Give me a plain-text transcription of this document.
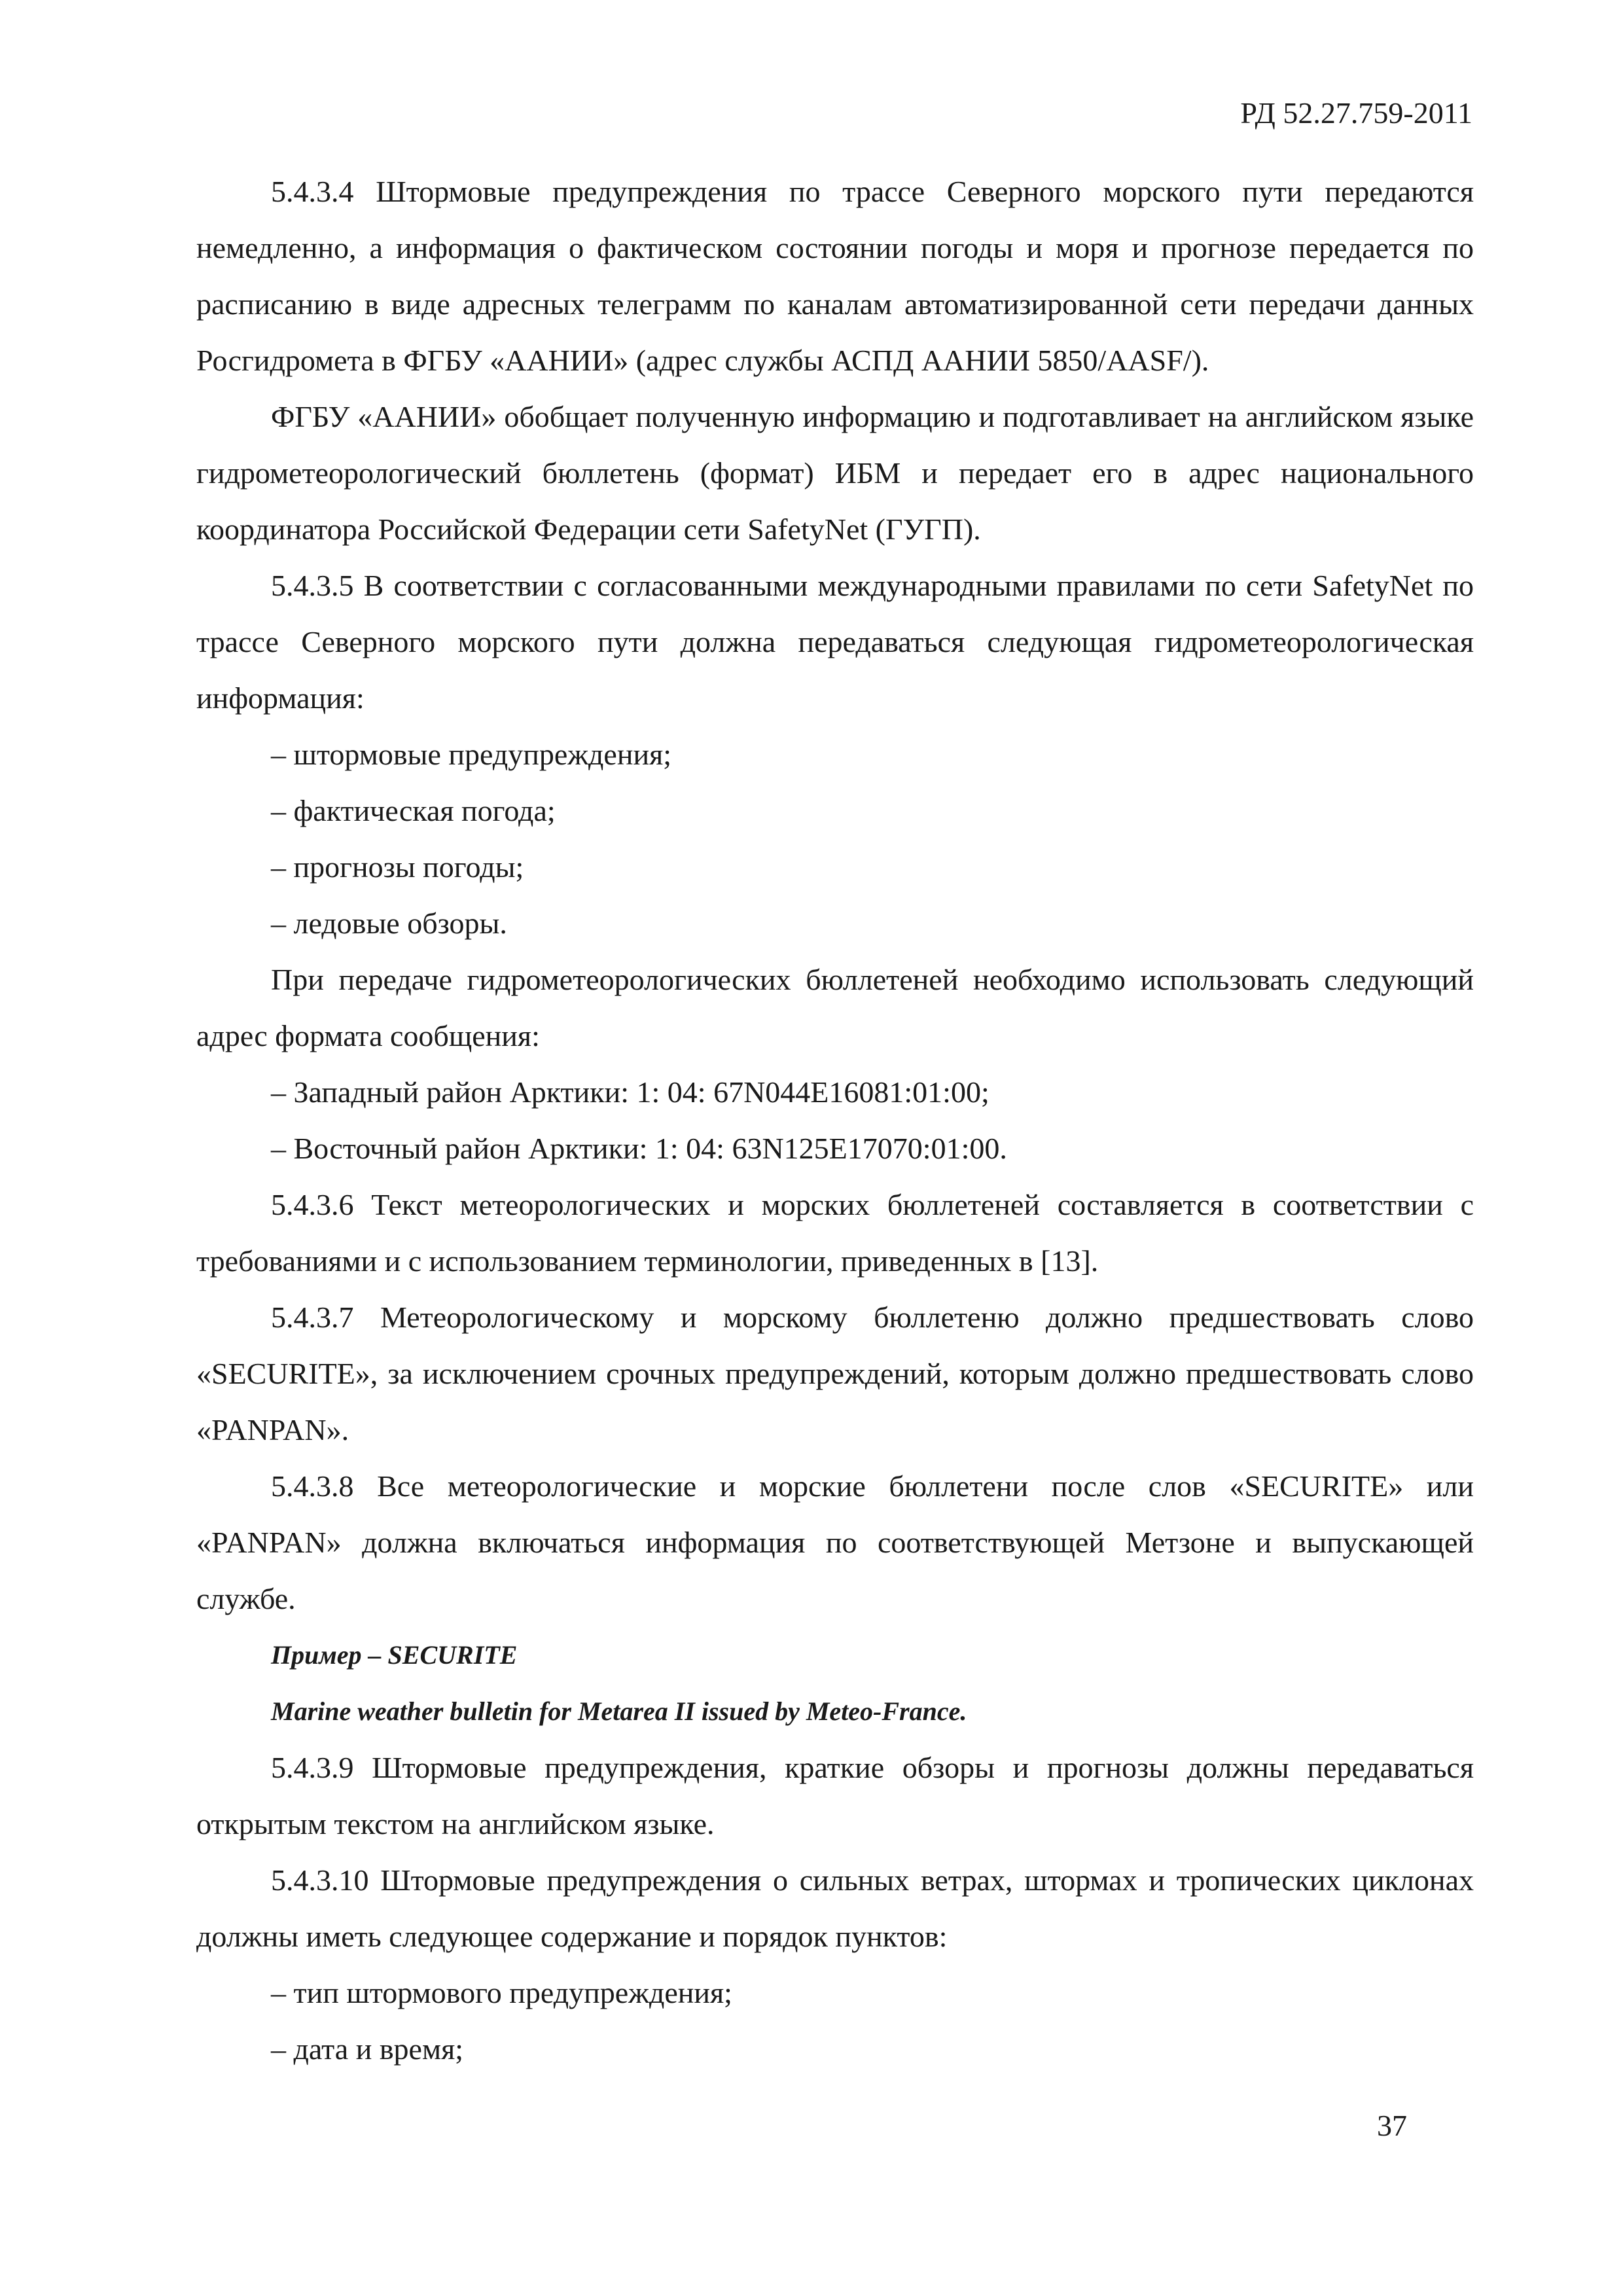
РД 52.27.759-2011

5.4.3.4 Штормовые предупреждения по трассе Северного морского пути передаются немедленно, а информация о фактическом состоянии погоды и моря и прогнозе передается по расписанию в виде адресных телеграмм по каналам автоматизированной сети передачи данных Росгидромета в ФГБУ «ААНИИ» (адрес службы АСПД ААНИИ 5850/AASF/).

ФГБУ «ААНИИ» обобщает полученную информацию и подготавливает на английском языке гидрометеорологический бюллетень (формат) ИБМ и передает его в адрес национального координатора Российской Федерации сети SafetyNet (ГУГП).

5.4.3.5 В соответствии с согласованными международными правилами по сети SafetyNet по трассе Северного морского пути должна передаваться следующая гидрометеорологическая информация:

– штормовые предупреждения;

– фактическая погода;

– прогнозы погоды;

– ледовые обзоры.

При передаче гидрометеорологических бюллетеней необходимо использовать следующий адрес формата сообщения:

– Западный район Арктики: 1: 04: 67N044E16081:01:00;

– Восточный район Арктики: 1: 04: 63N125E17070:01:00.

5.4.3.6 Текст метеорологических и морских бюллетеней составляется в соответствии с требованиями и с использованием терминологии, приведенных в [13].

5.4.3.7 Метеорологическому и морскому бюллетеню должно предшествовать слово «SECURITE», за исключением срочных предупреждений, которым должно предшествовать слово «PANPAN».

5.4.3.8 Все метеорологические и морские бюллетени после слов «SECURITE» или «PANPAN» должна включаться информация по соответствующей Метзоне и выпускающей службе.

Пример – SECURITE

Marine weather bulletin for Metarea II issued by Meteo-France.

5.4.3.9 Штормовые предупреждения, краткие обзоры и прогнозы должны передаваться открытым текстом на английском языке.

5.4.3.10 Штормовые предупреждения о сильных ветрах, штормах и тропических циклонах должны иметь следующее содержание и порядок пунктов:

– тип штормового предупреждения;

– дата и время;

37
